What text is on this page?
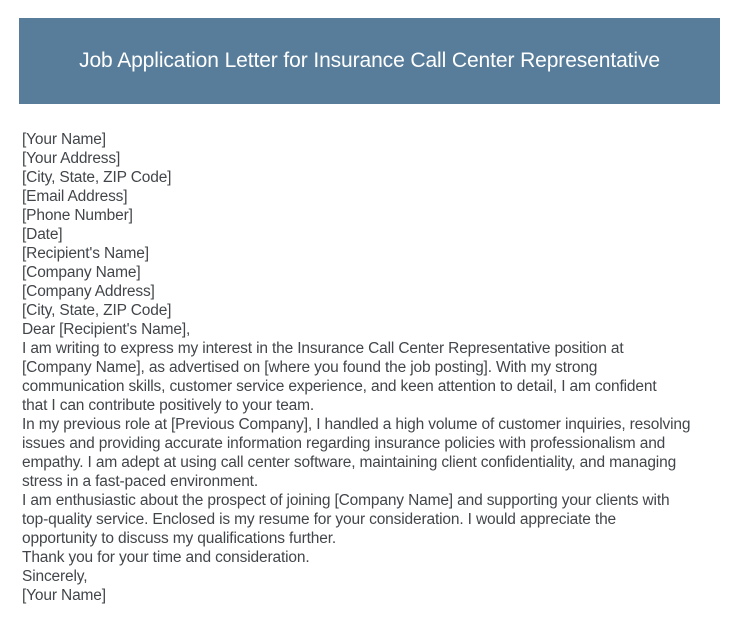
Job Application Letter for Insurance Call Center Representative
[Your Name]
[Your Address]
[City, State, ZIP Code]
[Email Address]
[Phone Number]
[Date]
[Recipient's Name]
[Company Name]
[Company Address]
[City, State, ZIP Code]
Dear [Recipient's Name],
I am writing to express my interest in the Insurance Call Center Representative position at
[Company Name], as advertised on [where you found the job posting]. With my strong
communication skills, customer service experience, and keen attention to detail, I am confident
that I can contribute positively to your team.
In my previous role at [Previous Company], I handled a high volume of customer inquiries, resolving
issues and providing accurate information regarding insurance policies with professionalism and
empathy. I am adept at using call center software, maintaining client confidentiality, and managing
stress in a fast-paced environment.
I am enthusiastic about the prospect of joining [Company Name] and supporting your clients with
top-quality service. Enclosed is my resume for your consideration. I would appreciate the
opportunity to discuss my qualifications further.
Thank you for your time and consideration.
Sincerely,
[Your Name]
